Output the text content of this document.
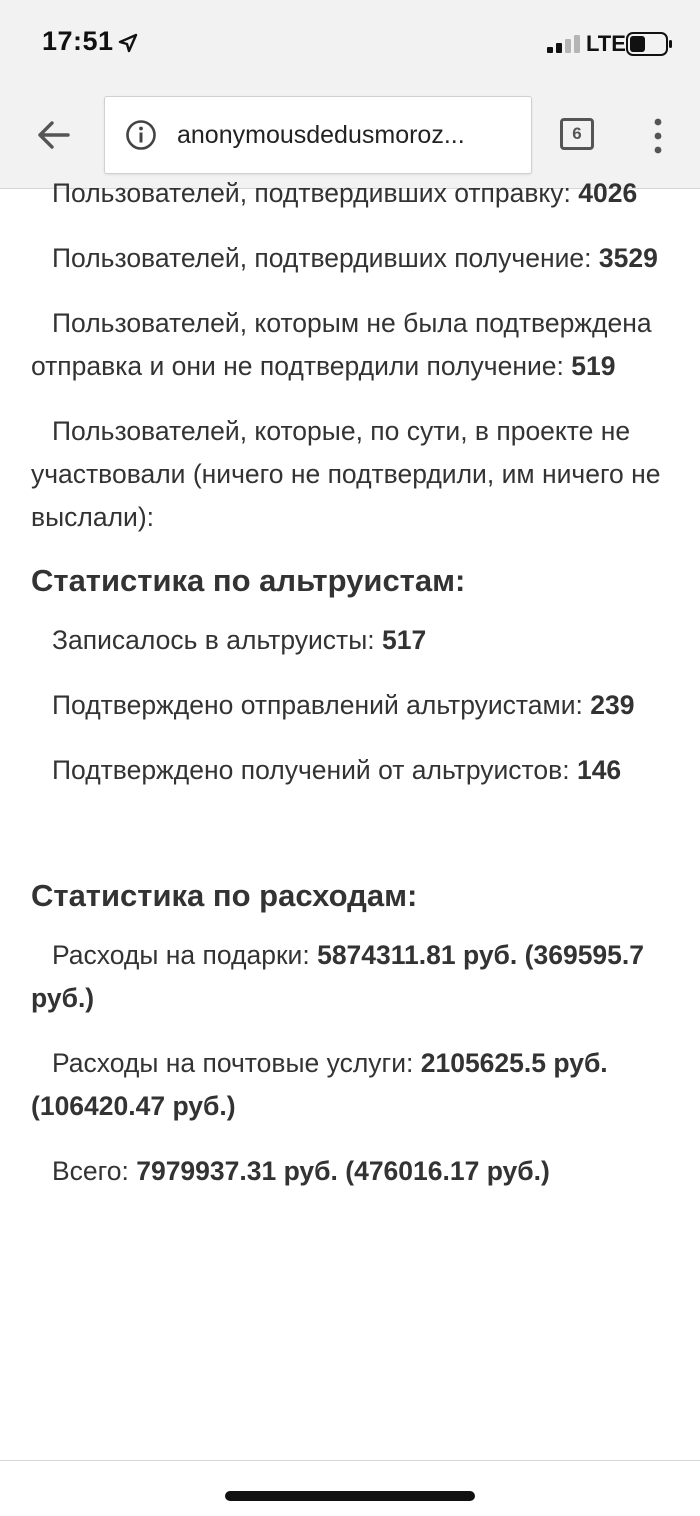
17:51	LTE
anonymousdedusmoroz...	6

Пользователей, подтвердивших отправку: 4026

Пользователей, подтвердивших получение: 3529

Пользователей, которым не была подтверждена отправка и они не подтвердили получение: 519

Пользователей, которые, по сути, в проекте не участвовали (ничего не подтвердили, им ничего не выслали):

Статистика по альтруистам:

Записалось в альтруисты: 517

Подтверждено отправлений альтруистами: 239

Подтверждено получений от альтруистов: 146

Статистика по расходам:

Расходы на подарки: 5874311.81 руб. (369595.7 руб.)

Расходы на почтовые услуги: 2105625.5 руб. (106420.47 руб.)

Всего: 7979937.31 руб. (476016.17 руб.)
